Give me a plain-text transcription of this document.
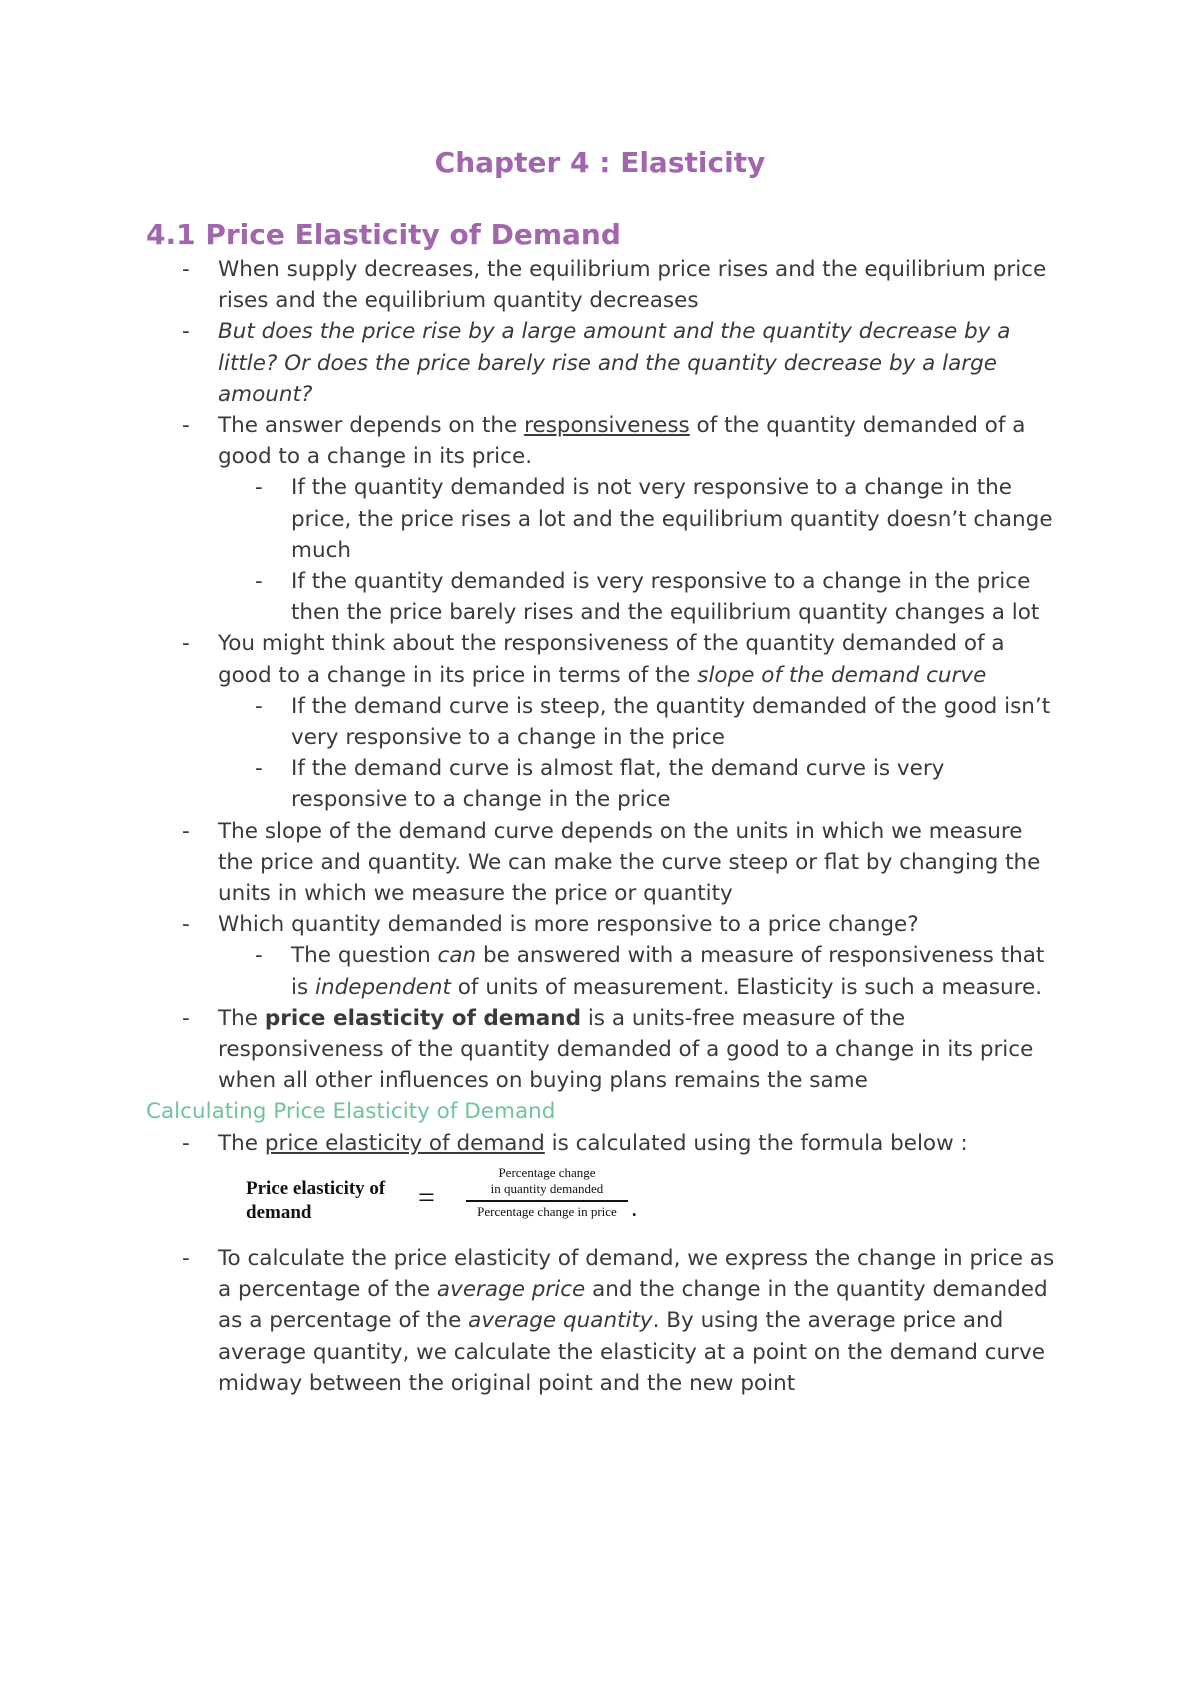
Chapter 4 : Elasticity
4.1 Price Elasticity of Demand
- When supply decreases, the equilibrium price rises and the equilibrium price rises and the equilibrium quantity decreases
- But does the price rise by a large amount and the quantity decrease by a little? Or does the price barely rise and the quantity decrease by a large amount?
- The answer depends on the responsiveness of the quantity demanded of a good to a change in its price.
- If the quantity demanded is not very responsive to a change in the price, the price rises a lot and the equilibrium quantity doesn’t change much
- If the quantity demanded is very responsive to a change in the price then the price barely rises and the equilibrium quantity changes a lot
- You might think about the responsiveness of the quantity demanded of a good to a change in its price in terms of the slope of the demand curve
- If the demand curve is steep, the quantity demanded of the good isn’t very responsive to a change in the price
- If the demand curve is almost flat, the demand curve is very responsive to a change in the price
- The slope of the demand curve depends on the units in which we measure the price and quantity. We can make the curve steep or flat by changing the units in which we measure the price or quantity
- Which quantity demanded is more responsive to a price change?
- The question can be answered with a measure of responsiveness that is independent of units of measurement. Elasticity is such a measure.
- The price elasticity of demand is a units-free measure of the responsiveness of the quantity demanded of a good to a change in its price when all other influences on buying plans remains the same
Calculating Price Elasticity of Demand
- The price elasticity of demand is calculated using the formula below :
Price elasticity of
demand	=
Percentage change
in quantity demanded
Percentage change in price .
- To calculate the price elasticity of demand, we express the change in price as a percentage of the average price and the change in the quantity demanded as a percentage of the average quantity. By using the average price and average quantity, we calculate the elasticity at a point on the demand curve midway between the original point and the new point
